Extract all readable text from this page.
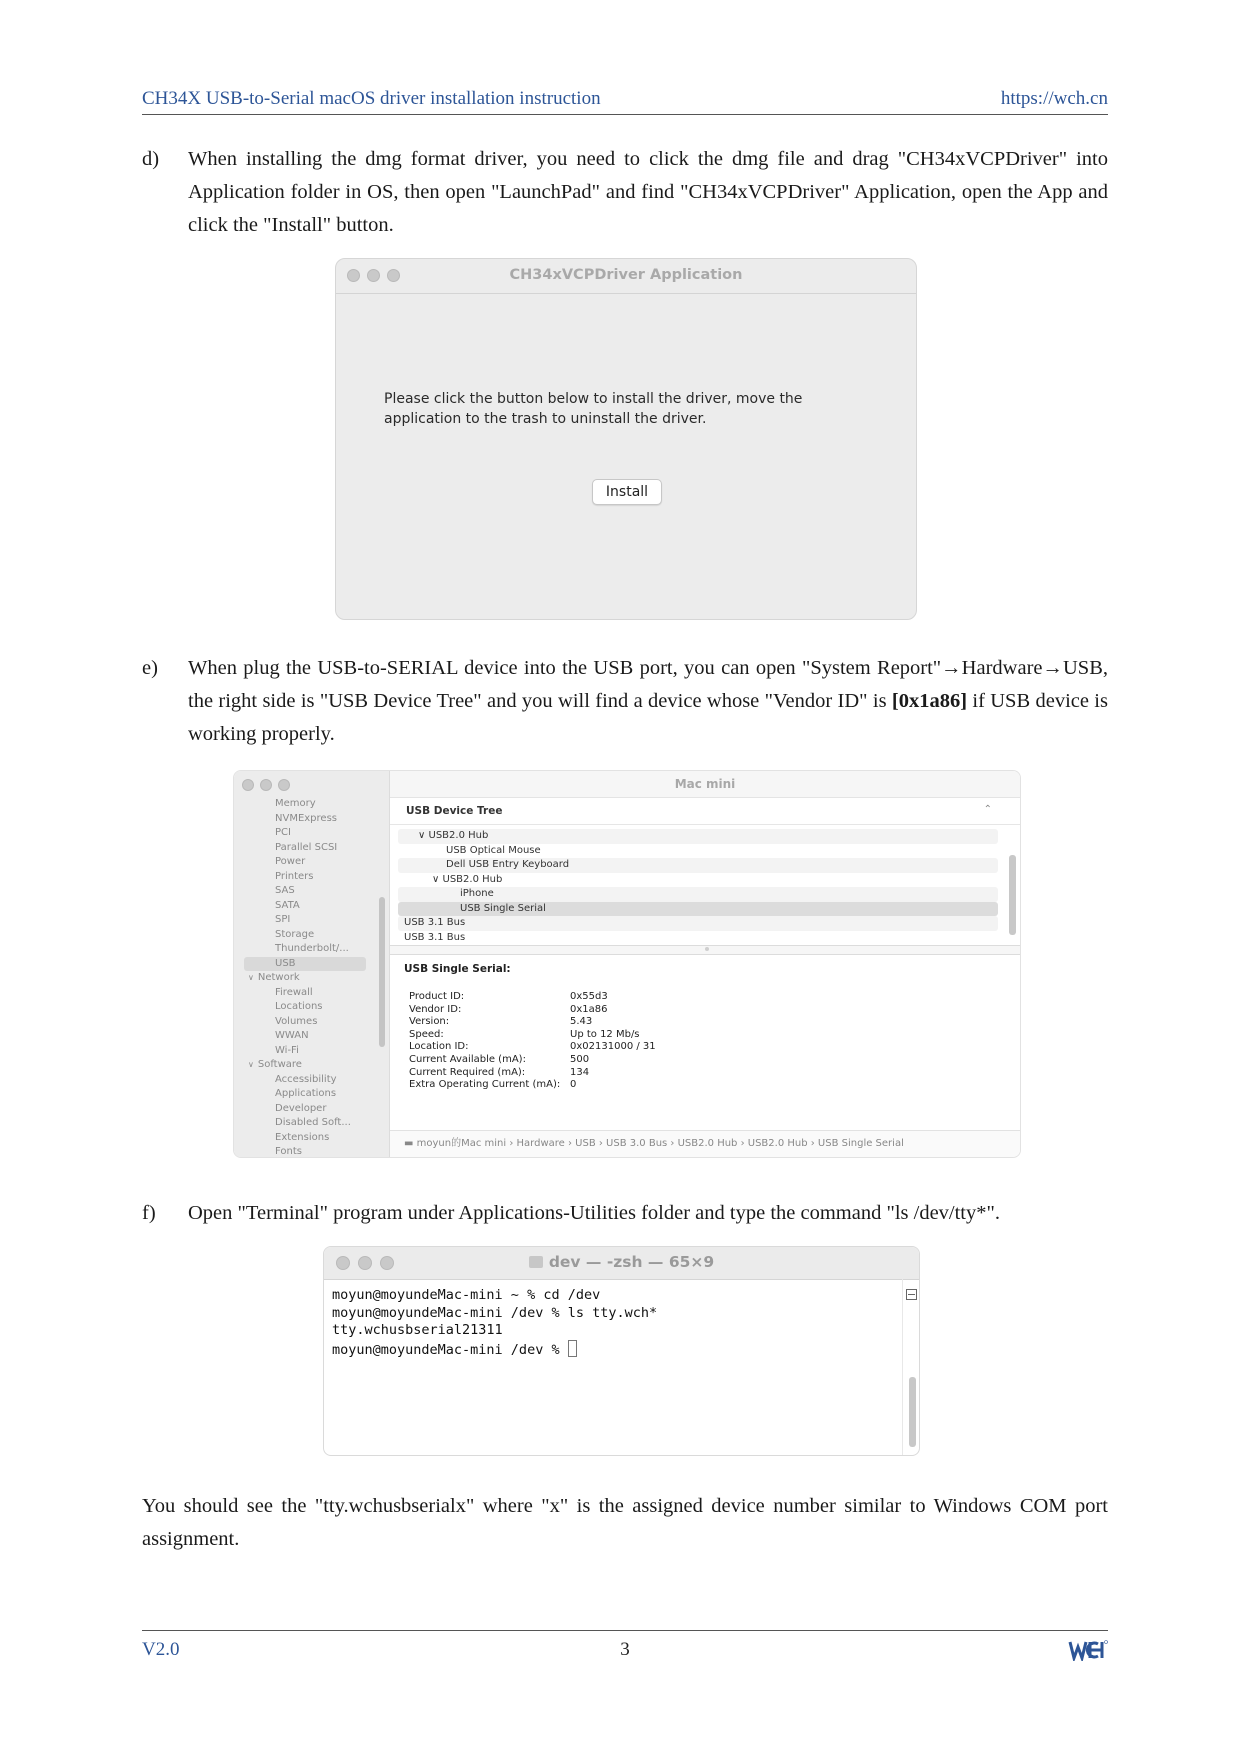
CH34X USB-to-Serial macOS driver installation instruction	https://wch.cn
d) When installing the dmg format driver, you need to click the dmg file and drag "CH34xVCPDriver" into Application folder in OS, then open "LaunchPad" and find "CH34xVCPDriver" Application, open the App and click the "Install" button.
CH34xVCPDriver Application
Please click the button below to install the driver, move the application to the trash to uninstall the driver.
Install
e) When plug the USB-to-SERIAL device into the USB port, you can open "System Report"→Hardware→USB, the right side is "USB Device Tree" and you will find a device whose "Vendor ID" is [0x1a86] if USB device is working properly.
Memory
NVMExpress
PCI
Parallel SCSI
Power
Printers
SAS
SATA
SPI
Storage
Thunderbolt/...
USB
∨ Network
Firewall
Locations
Volumes
WWAN
Wi-Fi
∨ Software
Accessibility
Applications
Developer
Disabled Soft...
Extensions
Fonts
Mac mini
USB Device Tree	⌃
∨ USB2.0 Hub
USB Optical Mouse
Dell USB Entry Keyboard
∨ USB2.0 Hub
iPhone
USB Single Serial
USB 3.1 Bus
USB 3.1 Bus
USB Single Serial:
Product ID:	0x55d3
Vendor ID:	0x1a86
Version:	5.43
Speed:	Up to 12 Mb/s
Location ID:	0x02131000 / 31
Current Available (mA):	500
Current Required (mA):	134
Extra Operating Current (mA): 0
▬ moyun的Mac mini › Hardware › USB › USB 3.0 Bus › USB2.0 Hub › USB2.0 Hub › USB Single Serial
f) Open "Terminal" program under Applications-Utilities folder and type the command "ls /dev/tty*".
dev — -zsh — 65×9
moyun@moyundeMac-mini ~ % cd /dev
moyun@moyundeMac-mini /dev % ls tty.wch*
tty.wchusbserial21311
moyun@moyundeMac-mini /dev %
You should see the "tty.wchusbserialx" where "x" is the assigned device number similar to Windows COM port assignment.
V2.0	3
